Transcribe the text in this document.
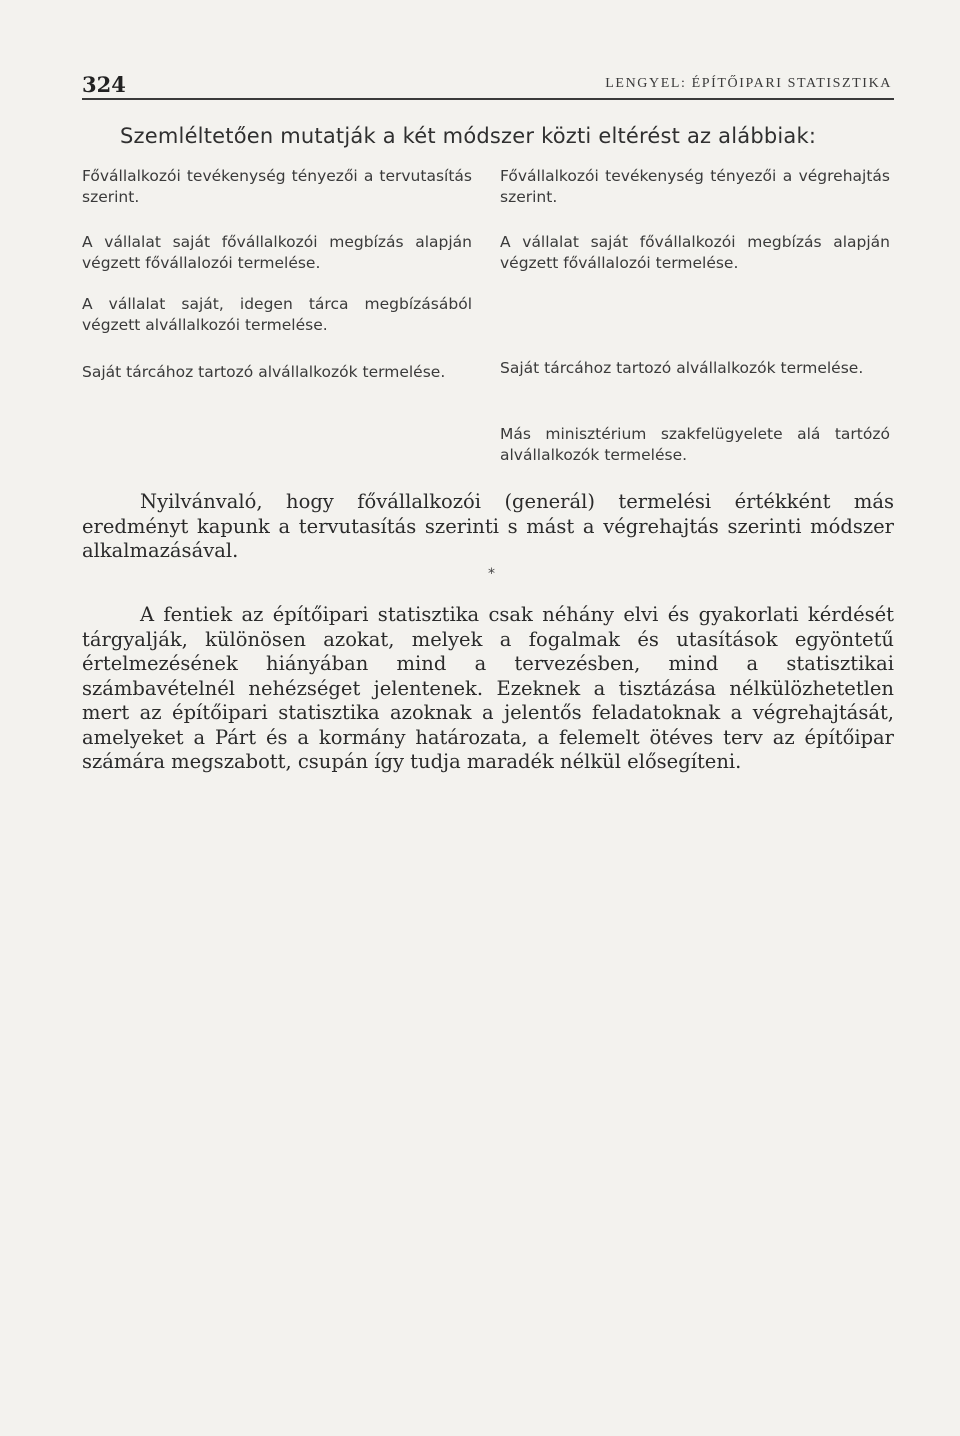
324	LENGYEL: ÉPÍTŐIPARI STATISZTIKA
Szemléltetően mutatják a két módszer közti eltérést az alábbiak:

Fővállalkozói tevékenység tényezői a tervutasítás szerint.

A vállalat saját fővállalkozói megbízás alapján végzett fővállalozói termelése.

A vállalat saját, idegen tárca megbízásából végzett alvállalkozói termelése.

Saját tárcához tartozó alvállalkozók termelése.

Fővállalkozói tevékenység tényezői a végrehajtás szerint.

A vállalat saját fővállalkozói megbízás alapján végzett fővállalozói termelése.

Saját tárcához tartozó alvállalkozók termelése.

Más minisztérium szakfelügyelete alá tartózó alvállalkozók termelése.

Nyilvánvaló, hogy fővállalkozói (generál) termelési értékként más eredményt kapunk a tervutasítás szerinti s mást a végrehajtás szerinti módszer alkalmazásával.

*

A fentiek az építőipari statisztika csak néhány elvi és gyakorlati kérdését tárgyalják, különösen azokat, melyek a fogalmak és utasítások egyöntetű értelmezésének hiányában mind a tervezésben, mind a statisztikai számbavételnél nehézséget jelentenek. Ezeknek a tisztázása nélkülözhetetlen mert az építőipari statisztika azoknak a jelentős feladatoknak a végrehajtását, amelyeket a Párt és a kormány határozata, a felemelt ötéves terv az építőipar számára megszabott, csupán így tudja maradék nélkül elősegíteni.
